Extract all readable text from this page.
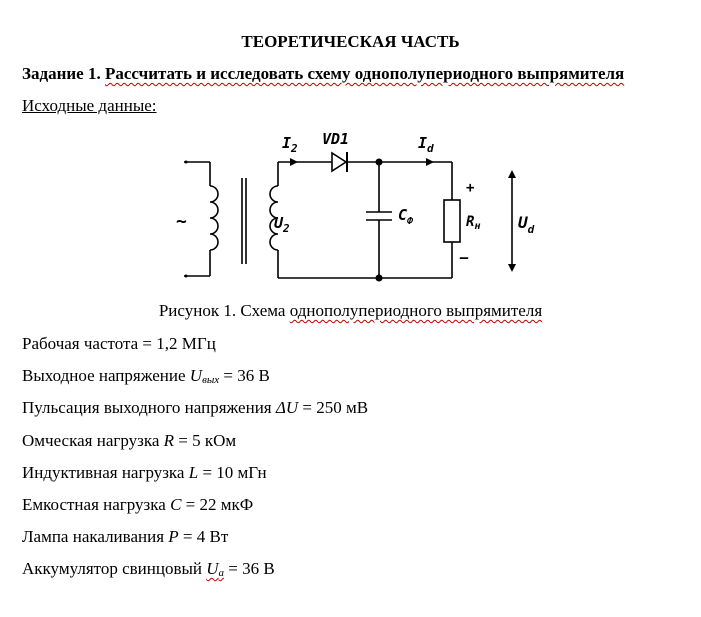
ТЕОРЕТИЧЕСКАЯ ЧАСТЬ
Задание 1. Рассчитать и исследовать схему однополупериодного выпрямителя
Исходные данные:
~
$I_2$
VD1	$I_d$
$U_2$
$C_Ф$	$R_н$ $U_d$
+
–
Рисунок 1. Схема однополупериодного выпрямителя
Рабочая частота = 1,2 МГц
Выходное напряжение $U_{вых} = 36$ В
Пульсация выходного напряжения ΔU = 250 мВ
Омческая нагрузка R = 5 кОм
Индуктивная нагрузка L = 10 мГн
Емкостная нагрузка C = 22 мкФ
Лампа накаливания P = 4 Вт
Аккумулятор свинцовый $U_a = 36$ В
